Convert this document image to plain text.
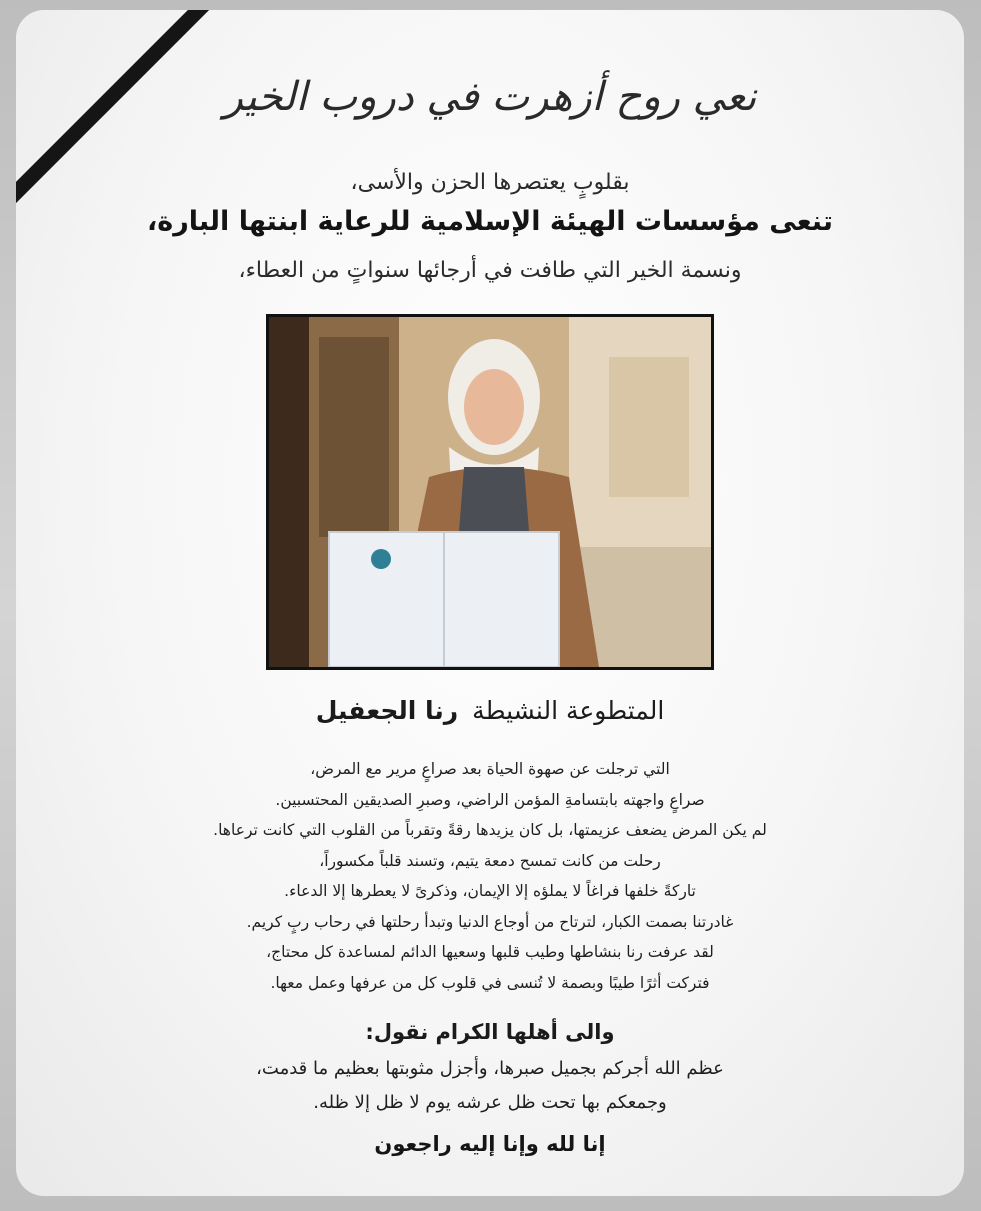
نعي روح أزهرت في دروب الخير
بقلوبٍ يعتصرها الحزن والأسى،
تنعى مؤسسات الهيئة الإسلامية للرعاية ابنتها البارة،
ونسمة الخير التي طافت في أرجائها سنواتٍ من العطاء،
المتطوعة النشيطةرنا الجعفيل
التي ترجلت عن صهوة الحياة بعد صراعٍ مرير مع المرض،
صراعٍ واجهته بابتسامةِ المؤمن الراضي، وصبرِ الصديقين المحتسبين.
لم يكن المرض يضعف عزيمتها، بل كان يزيدها رقةً وتقرباً من القلوب التي كانت ترعاها.
رحلت من كانت تمسح دمعة يتيم، وتسند قلباً مكسوراً،
تاركةً خلفها فراغاً لا يملؤه إلا الإيمان، وذكرىً لا يعطرها إلا الدعاء.
غادرتنا بصمت الكبار، لترتاح من أوجاع الدنيا وتبدأ رحلتها في رحاب ربٍ كريم.
لقد عرفت رنا بنشاطها وطيب قلبها وسعيها الدائم لمساعدة كل محتاج،
فتركت أثرًا طيبًا وبصمة لا تُنسى في قلوب كل من عرفها وعمل معها.
والى أهلها الكرام نقول:
عظم الله أجركم بجميل صبرها، وأجزل مثوبتها بعظيم ما قدمت،
وجمعكم بها تحت ظل عرشه يوم لا ظل إلا ظله.
إنا لله وإنا إليه راجعون
